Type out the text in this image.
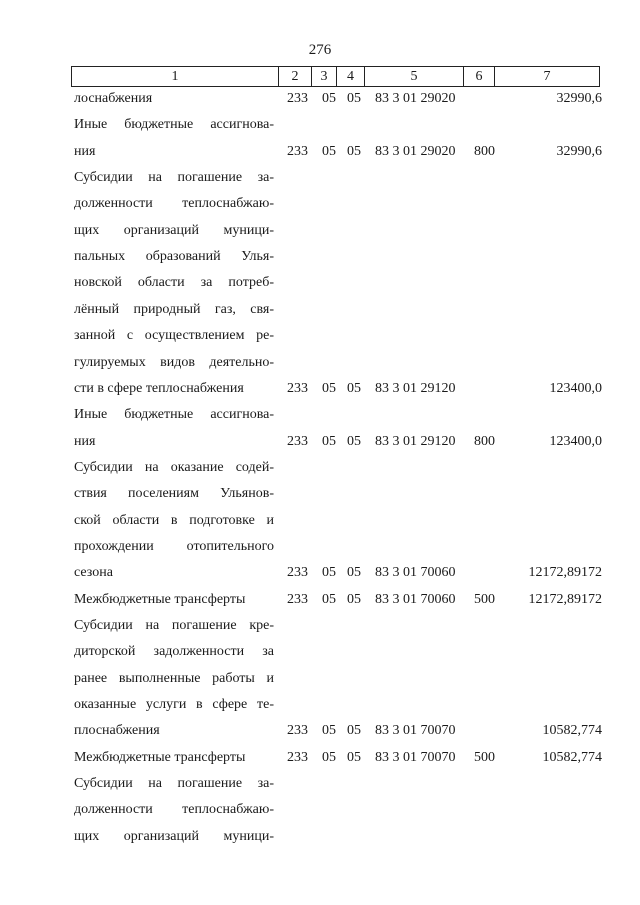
276
1	2	3	4	5	6	7
лоснабжения	233 05 05 83 3 01 29020	32990,6
Иные бюджетные ассигнова-
ния	233 05 05 83 3 01 29020 800	32990,6
Субсидии на погашение за-
долженности теплоснабжаю-
щих организаций муници-
пальных образований Улья-
новской области за потреб-
лённый природный газ, свя-
занной с осуществлением ре-
гулируемых видов деятельно-
сти в сфере теплоснабжения	233 05 05 83 3 01 29120	123400,0
Иные бюджетные ассигнова-
ния	233 05 05 83 3 01 29120 800	123400,0
Субсидии на оказание содей-
ствия поселениям Ульянов-
ской области в подготовке и
прохождении отопительного
сезона	233 05 05 83 3 01 70060	12172,89172
Межбюджетные трансферты	233 05 05 83 3 01 70060 500 12172,89172
Субсидии на погашение кре-
диторской задолженности за
ранее выполненные работы и
оказанные услуги в сфере те-
плоснабжения	233 05 05 83 3 01 70070	10582,774
Межбюджетные трансферты	233 05 05 83 3 01 70070 500	10582,774
Субсидии на погашение за-
долженности теплоснабжаю-
щих организаций муници-
